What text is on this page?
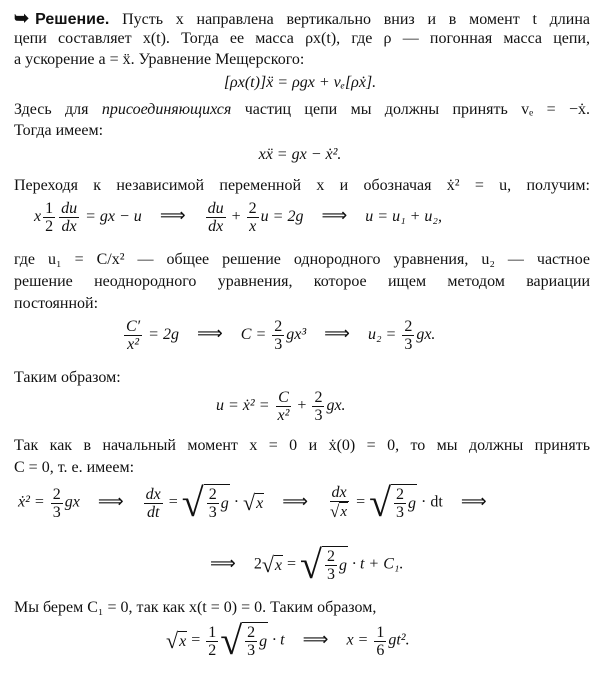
➥ Решение. Пусть x направлена вертикально вниз и в момент t длина
цепи составляет x(t). Тогда ее масса ρx(t), где ρ — погонная масса цепи,
а ускорение a = ẍ. Уравнение Мещерского:
[ρx(t)]ẍ = ρgx + vₑ[ρẋ].
Здесь для присоединяющихся частиц цепи мы должны принять vₑ = −ẋ.
Тогда имеем:
xẍ = gx − ẋ².
Переходя к независимой переменной x и обозначая ẋ² = u, получим:
x $\frac{1}{2} \frac{du}{dx}$ = gx − u ⟹ $\frac{du}{dx} + \frac{2}{x}$ u = 2g ⟹ u = u₁ + u₂,
где u₁ = C/x² — общее решение однородного уравнения, u₂ — частное
решение неоднородного уравнения, которое ищем методом вариации
постоянной:
$\frac{C'}{\text{x²}} = 2g$ ⟹ $C = \frac{2}{3} gx^3$ ⟹ $u_2 = \frac{2}{3}$ gx.
Таким образом:
u = ẋ² = $\frac{C}{\text{x²}} + \frac{2}{3}$ gx.
Так как в начальный момент x = 0 и ẋ(0) = 0, то мы должны принять
C = 0, т. е. имеем:
ẋ² = $\frac{2}{3}$ gx ⟹ $\frac{dx}{dt}$ = √ $\frac{2}{3}$ g · √ x ⟹ $\frac{dx}{√ x}$ = √ $\frac{2}{3}$ g · dt ⟹
⟹ 2 √ x = √ $\frac{2}{3}$ g · t + C₁.
Мы берем C₁ = 0, так как x(t = 0) = 0. Таким образом,
√ $x = \frac{1}{2}$ √ $\frac{2}{3}$ g · t ⟹ $x = \frac{1}{6} gt^2$.
